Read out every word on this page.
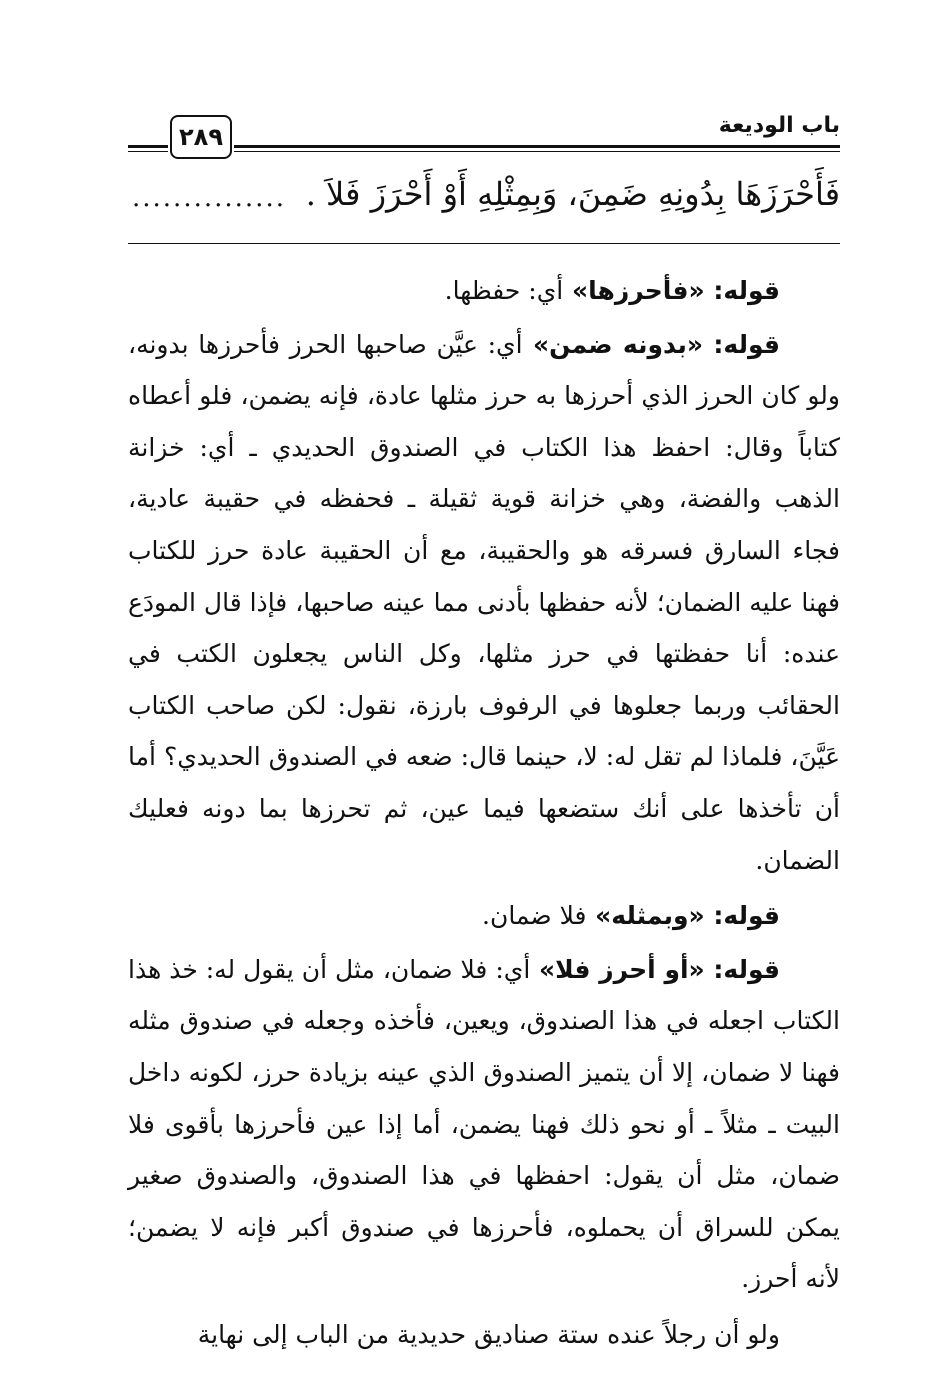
باب الوديعة
٢٨٩
فَأَحْرَزَهَا بِدُونِهِ ضَمِنَ، وَبِمِثْلِهِ أَوْ أَحْرَزَ فَلاَ .
...............

قوله: «فأحرزها» أي: حفظها.

قوله: «بدونه ضمن» أي: عيَّن صاحبها الحرز فأحرزها بدونه، ولو كان الحرز الذي أحرزها به حرز مثلها عادة، فإنه يضمن، فلو أعطاه كتاباً وقال: احفظ هذا الكتاب في الصندوق الحديدي ـ أي: خزانة الذهب والفضة، وهي خزانة قوية ثقيلة ـ فحفظه في حقيبة عادية، فجاء السارق فسرقه هو والحقيبة، مع أن الحقيبة عادة حرز للكتاب فهنا عليه الضمان؛ لأنه حفظها بأدنى مما عينه صاحبها، فإذا قال المودَع عنده: أنا حفظتها في حرز مثلها، وكل الناس يجعلون الكتب في الحقائب وربما جعلوها في الرفوف بارزة، نقول: لكن صاحب الكتاب عَيَّنَ، فلماذا لم تقل له: لا، حينما قال: ضعه في الصندوق الحديدي؟ أما أن تأخذها على أنك ستضعها فيما عين، ثم تحرزها بما دونه فعليك الضمان.

قوله: «وبمثله» فلا ضمان.

قوله: «أو أحرز فلا» أي: فلا ضمان، مثل أن يقول له: خذ هذا الكتاب اجعله في هذا الصندوق، ويعين، فأخذه وجعله في صندوق مثله فهنا لا ضمان، إلا أن يتميز الصندوق الذي عينه بزيادة حرز، لكونه داخل البيت ـ مثلاً ـ أو نحو ذلك فهنا يضمن، أما إذا عين فأحرزها بأقوى فلا ضمان، مثل أن يقول: احفظها في هذا الصندوق، والصندوق صغير يمكن للسراق أن يحملوه، فأحرزها في صندوق أكبر فإنه لا يضمن؛ لأنه أحرز.

ولو أن رجلاً عنده ستة صناديق حديدية من الباب إلى نهاية
